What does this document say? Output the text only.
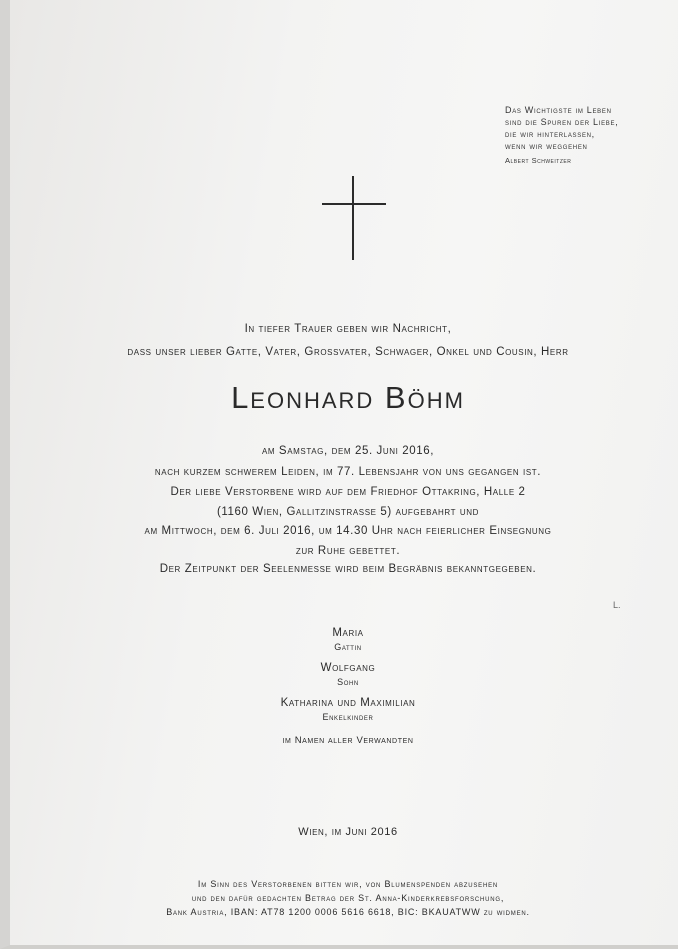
Das Wichtigste im Leben
sind die Spuren der Liebe,
die wir hinterlassen,
wenn wir weggehen
Albert Schweitzer
In tiefer Trauer geben wir Nachricht,
dass unser lieber Gatte, Vater, Grossvater, Schwager, Onkel und Cousin, Herr
Leonhard Böhm
am Samstag, dem 25. Juni 2016,
nach kurzem schwerem Leiden, im 77. Lebensjahr von uns gegangen ist.
Der liebe Verstorbene wird auf dem Friedhof Ottakring, Halle 2
(1160 Wien, Gallitzinstrasse 5) aufgebahrt und
am Mittwoch, dem 6. Juli 2016, um 14.30 Uhr nach feierlicher Einsegnung
zur Ruhe gebettet.
Der Zeitpunkt der Seelenmesse wird beim Begräbnis bekanntgegeben.
L.
Maria
Gattin
Wolfgang
Sohn
Katharina und Maximilian
Enkelkinder
im Namen aller Verwandten
Wien, im Juni 2016
Im Sinn des Verstorbenen bitten wir, von Blumenspenden abzusehen
und den dafür gedachten Betrag der St. Anna-Kinderkrebsforschung,
Bank Austria, IBAN: AT78 1200 0006 5616 6618, BIC: BKAUATWW zu widmen.
